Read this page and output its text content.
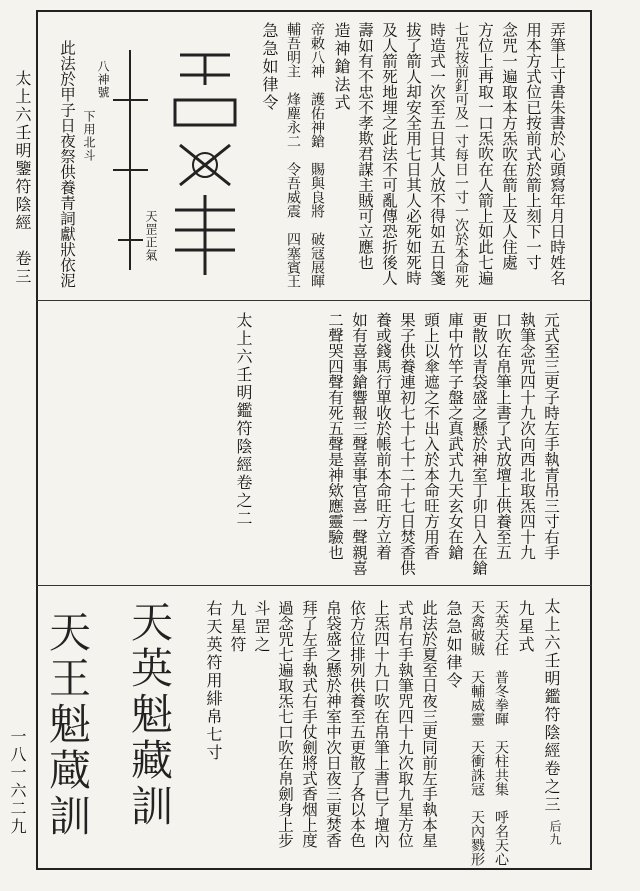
太上六壬明鑒符陰經　卷三
一八一六二九
弄筆上寸書朱書於心頭寫年月日時姓名
用本方式位已按前式於箭上刻下一寸
念咒一遍取本方炁吹在箭上及人住處
方位上再取一口炁吹在人箭上如此七遍
七咒按前釘可及一寸每日一寸一次於本命死
時造式一次至五日其人放不得如五日箋
拔了箭人却安全用七日其人必死如死時
及人箭死地埋之此法不可亂傳恐折後人
壽如有不忠不孝欺君謀主賊可立應也
造神鎗法式
帝敕八神　護佑神鎗　賜與良將　破冦展暉
輔吾明主　烽塵永二　令吾威震　四塞賓王
急急如律令
八神號
下用北斗
天罡正氣
此法於甲子日夜祭供養青詞獻狀依泥
元式至三更子時左手執青吊三寸右手
執筆念咒四十九次向西北取炁四十九
口吹在帛筆上書了式放壇上供養至五
更散以青袋盛之懸於神室丁卯日入在鎗
庫中竹竿子盤之真武式九天玄女在鎗
頭上以傘遮之不出入於本命旺方用香
果子供養連初七十七十二十七日焚香供
養或錢馬行單收於帳前本命旺方立着
如有喜事鎗響報三聲喜事官喜一聲親喜
二聲哭四聲有死五聲是神欸應靈驗也
太上六壬明鑑符陰經卷之二
太上六壬明鑑符陰經卷之三
九星式
天英天任　普冬拳暉　天柱共集　呼名天心
天禽破賊　天輔威靈　天衝誅冦　天內戮形
急急如律令
此法於夏至日夜三更同前左手執本星
式帛右手執筆咒四十九次取九星方位
上炁四十九口吹在帛筆上書已了壇內
依方位排列供養至五更散了各以本色
帛袋盛之懸於神室中次日夜三更焚香
拜了左手執式右手仗劍將式香烟上度
過念咒七遍取炁七口吹在帛劍身上步
斗罡之
九星符
右天英符用緋帛七寸
后九
天英魁藏訓
天王魁蔵訓
